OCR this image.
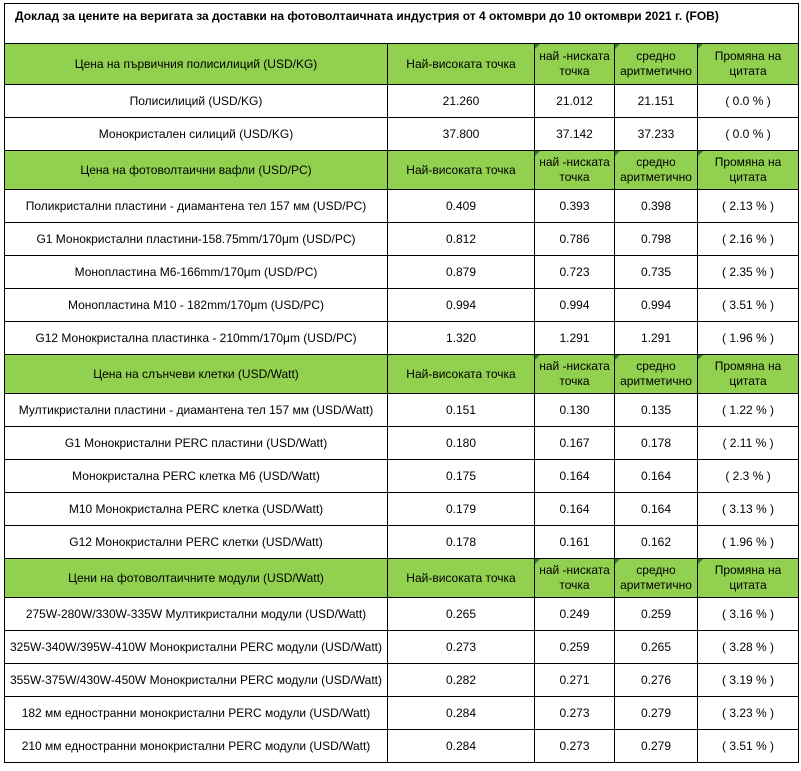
Доклад за цените на веригата за доставки на фотоволтаичната индустрия от 4 октомври до 10 октомври 2021 г. (FOB)				
Цена на първичния полисилиций (USD/KG)	Най-високата точка	най -ниската точка	средно аритметично	Промяна на цитата

Полисилиций (USD/KG)	21.260	21.012	21.151	( 0.0 % )
Монокристален силиций (USD/KG)	37.800	37.142	37.233	( 0.0 % )
Цена на фотоволтаични вафли (USD/PC)	Най-високата точка	най -ниската точка	средно аритметично	Промяна на цитата

Поликристални пластини - диамантена тел 157 мм (USD/PC)	0.409	0.393	0.398	( 2.13 % )
G1 Монокристални пластини-158.75mm/170μm (USD/PC)	0.812	0.786	0.798	( 2.16 % )
Монопластина M6-166mm/170μm (USD/PC)	0.879	0.723	0.735	( 2.35 % )
Монопластина M10 - 182mm/170μm (USD/PC)	0.994	0.994	0.994	( 3.51 % )
G12 Монокристална пластинка - 210mm/170μm (USD/PC)	1.320	1.291	1.291	( 1.96 % )
Цена на слънчеви клетки (USD/Watt)	Най-високата точка	най -ниската точка	средно аритметично	Промяна на цитата

Мултикристални пластини - диамантена тел 157 мм (USD/Watt)	0.151	0.130	0.135	( 1.22 % )
G1 Монокристални PERC пластини (USD/Watt)	0.180	0.167	0.178	( 2.11 % )
Монокристална PERC клетка M6 (USD/Watt)	0.175	0.164	0.164	( 2.3 % )
M10 Монокристална PERC клетка (USD/Watt)	0.179	0.164	0.164	( 3.13 % )
G12 Монокристални PERC клетки (USD/Watt)	0.178	0.161	0.162	( 1.96 % )
Цени на фотоволтаичните модули (USD/Watt)	Най-високата точка	най -ниската точка	средно аритметично	Промяна на цитата

275W-280W/330W-335W Мултикристални модули (USD/Watt)	0.265	0.249	0.259	( 3.16 % )
325W-340W/395W-410W Монокристални PERC модули (USD/Watt)	0.273	0.259	0.265	( 3.28 % )
355W-375W/430W-450W Монокристални PERC модули (USD/Watt)	0.282	0.271	0.276	( 3.19 % )
182 мм едностранни монокристални PERC модули (USD/Watt)	0.284	0.273	0.279	( 3.23 % )
210 мм едностранни монокристални PERC модули (USD/Watt)	0.284	0.273	0.279	( 3.51 % )
